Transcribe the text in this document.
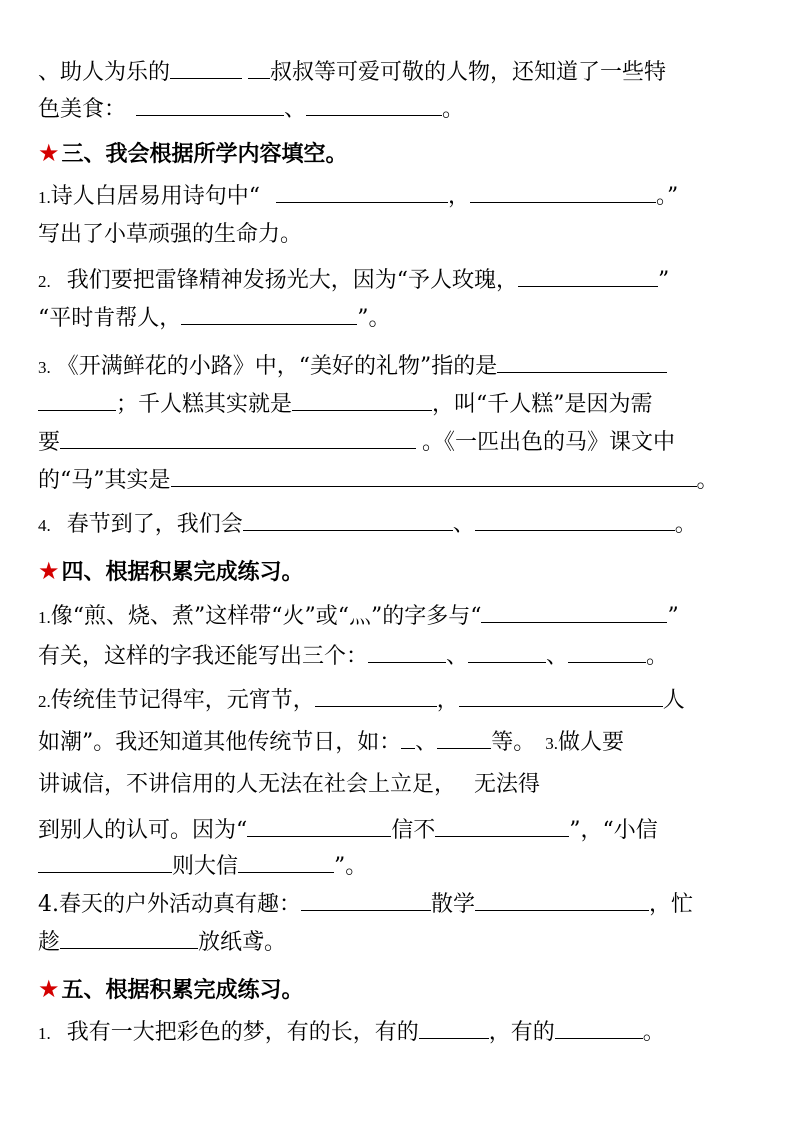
、助人为乐的	叔叔等可爱可敬的人物，还知道了一些特
色美食：	、	。
★三、我会根据所学内容填空。
1.诗人白居易用诗句中“	，	。”
写出了小草顽强的生命力。
2. 我们要把雷锋精神发扬光大，因为“予人玫瑰，	”
“平时肯帮人，	”。
3. 《开满鲜花的小路》中，“美好的礼物”指的是
；千人糕其实就是	，叫“千人糕”是因为需
要	。《一匹出色的马》课文中
的“马”其实是	。
4. 春节到了，我们会	、	。
★四、根据积累完成练习。
1.像“煎、烧、煮”这样带“火”或“灬”的字多与“	”
有关，这样的字我还能写出三个：	、	、	。
2.传统佳节记得牢，元宵节，	，	人
如潮”。我还知道其他传统节日，如： 、 等。 3.做人要
讲诚信，不讲信用的人无法在社会上立足， 无法得
到别人的认可。因为“	信不	”，“小信
则大信	”。
4.春天的户外活动真有趣：	散学	，忙
趁	放纸鸢。
★五、根据积累完成练习。
1. 我有一大把彩色的梦，有的长，有的	，有的	。
